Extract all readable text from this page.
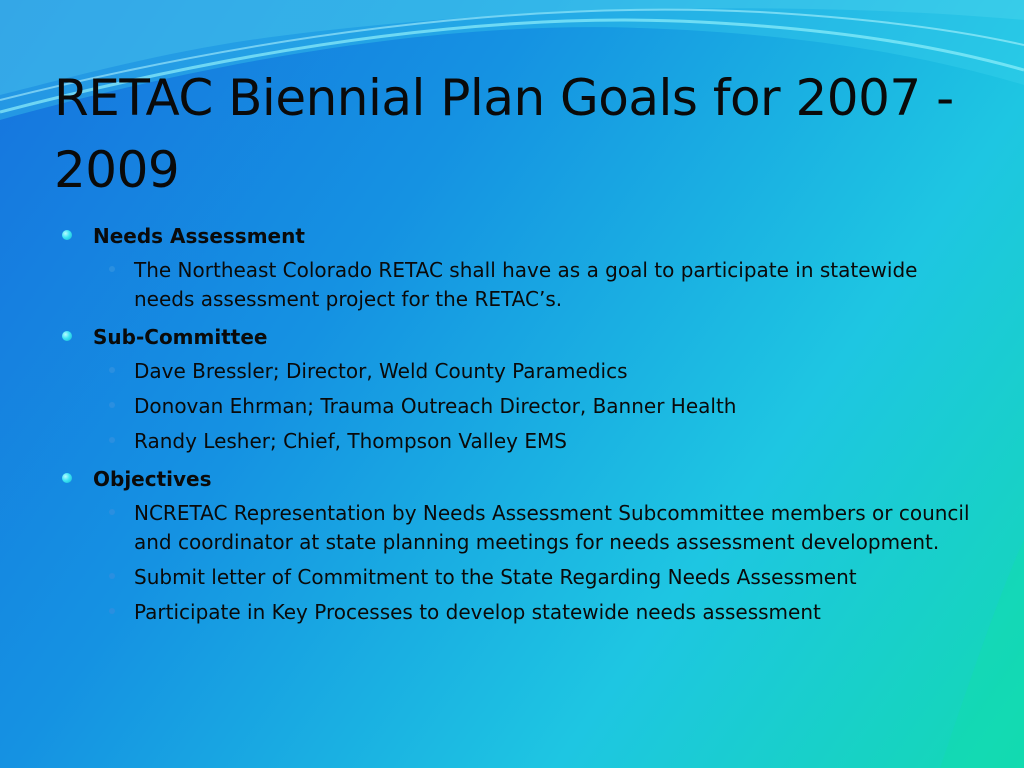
RETAC Biennial Plan Goals for 2007 - 2009
Needs Assessment
The Northeast Colorado RETAC shall have as a goal to participate in statewide needs assessment project for the RETAC’s.
Sub-Committee
Dave Bressler; Director, Weld County Paramedics
Donovan Ehrman; Trauma Outreach Director, Banner Health
Randy Lesher; Chief, Thompson Valley EMS
Objectives
NCRETAC Representation by Needs Assessment Subcommittee members or council and coordinator at state planning meetings for needs assessment development.
Submit letter of Commitment to the State Regarding Needs Assessment
Participate in Key Processes to develop statewide needs assessment
